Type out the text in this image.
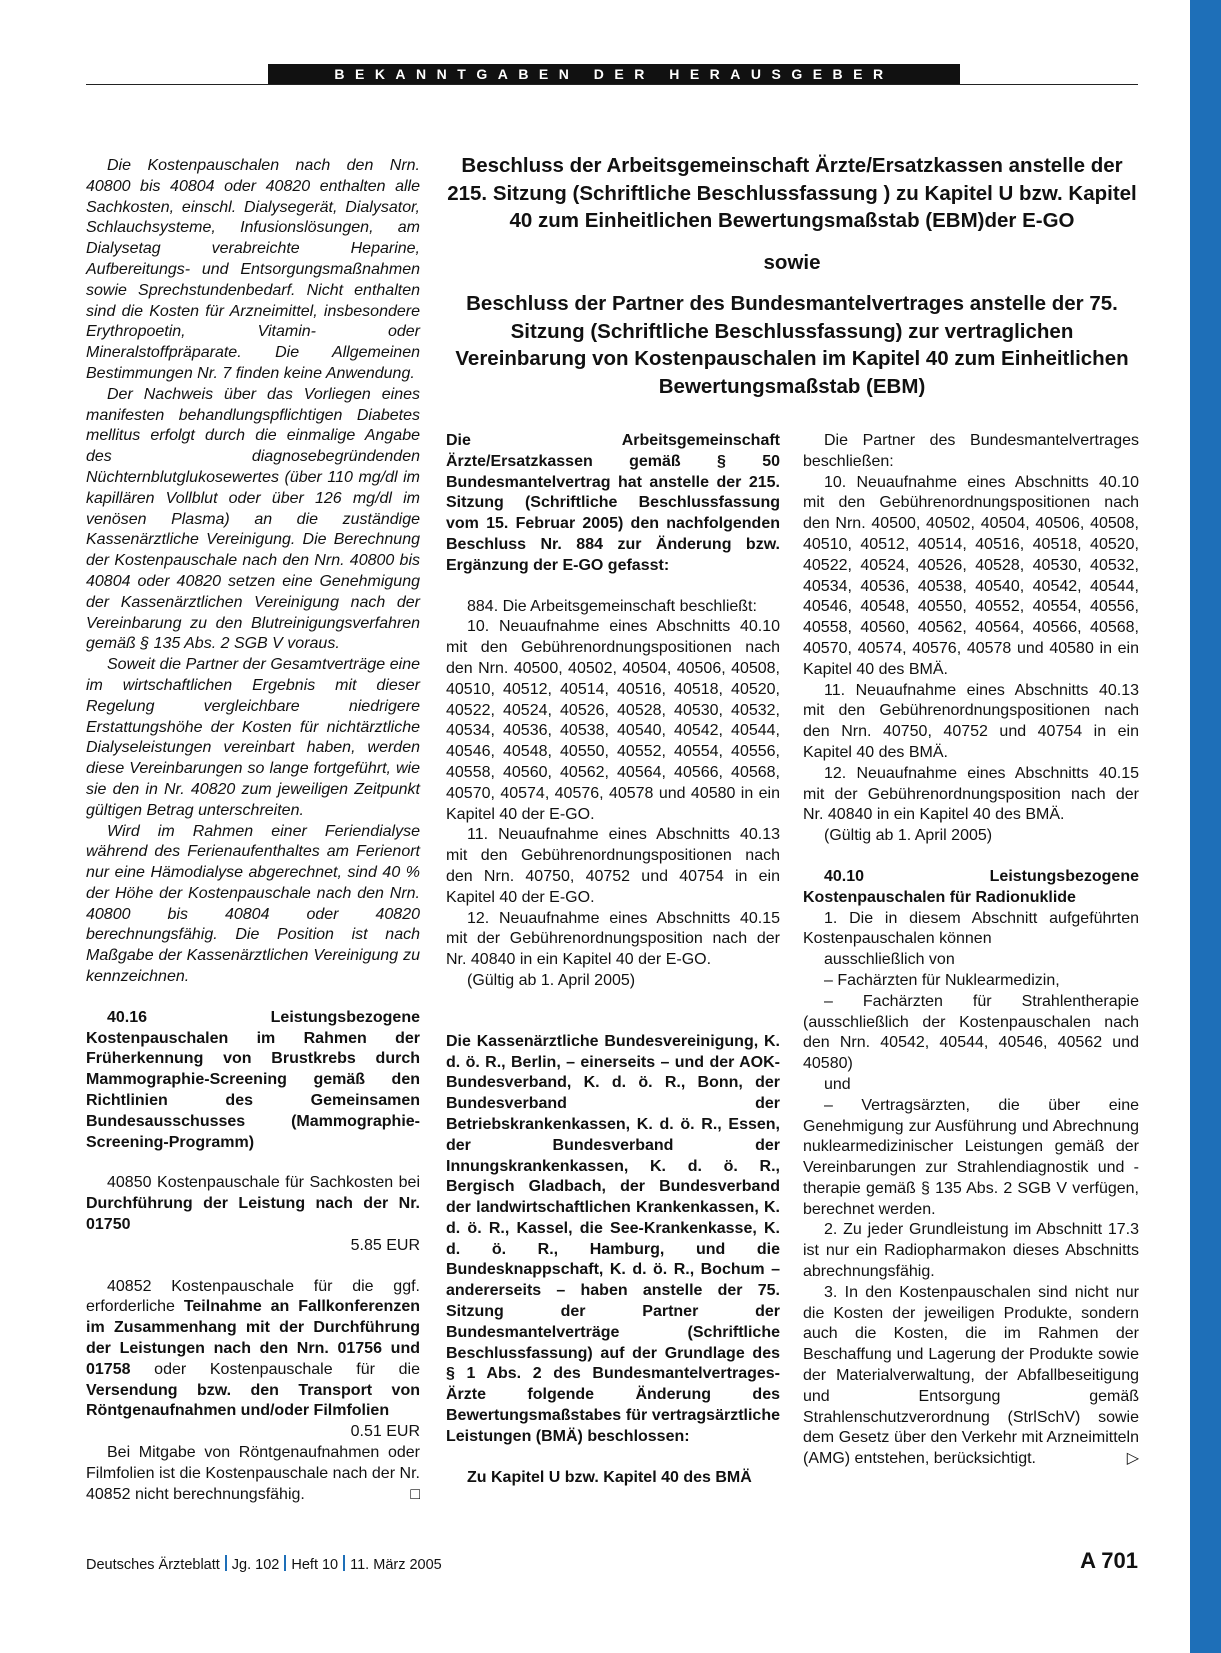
BEKANNTGABEN DER HERAUSGEBER

Die Kostenpauschalen nach den Nrn. 40800 bis 40804 oder 40820 enthalten alle Sachkosten, einschl. Dialysegerät, Dialysator, Schlauchsysteme, Infusionslösungen, am Dialysetag verabreichte Heparine, Aufbereitungs- und Entsorgungsmaßnahmen sowie Sprechstundenbedarf. Nicht enthalten sind die Kosten für Arzneimittel, insbesondere Erythropoetin, Vitamin- oder Mineralstoffpräparate. Die Allgemeinen Bestimmungen Nr. 7 finden keine Anwendung.

Der Nachweis über das Vorliegen eines manifesten behandlungspflichtigen Diabetes mellitus erfolgt durch die einmalige Angabe des diagnosebegründenden Nüchternblutglukosewertes (über 110 mg/dl im kapillären Vollblut oder über 126 mg/dl im venösen Plasma) an die zuständige Kassenärztliche Vereinigung. Die Berechnung der Kostenpauschale nach den Nrn. 40800 bis 40804 oder 40820 setzen eine Genehmigung der Kassenärztlichen Vereinigung nach der Vereinbarung zu den Blutreinigungsverfahren gemäß § 135 Abs. 2 SGB V voraus.

Soweit die Partner der Gesamtverträge eine im wirtschaftlichen Ergebnis mit dieser Regelung vergleichbare niedrigere Erstattungshöhe der Kosten für nichtärztliche Dialyseleistungen vereinbart haben, werden diese Vereinbarungen so lange fortgeführt, wie sie den in Nr. 40820 zum jeweiligen Zeitpunkt gültigen Betrag unterschreiten.

Wird im Rahmen einer Feriendialyse während des Ferienaufenthaltes am Ferienort nur eine Hämodialyse abgerechnet, sind 40 % der Höhe der Kostenpauschale nach den Nrn. 40800 bis 40804 oder 40820 berechnungsfähig. Die Position ist nach Maßgabe der Kassenärztlichen Vereinigung zu kennzeichnen.

40.16 Leistungsbezogene Kostenpauschalen im Rahmen der Früherkennung von Brustkrebs durch Mammographie-Screening gemäß den Richtlinien des Gemeinsamen Bundesausschusses (Mammographie-Screening-Programm)

40850 Kostenpauschale für Sachkosten bei Durchführung der Leistung nach der Nr. 01750

5.85 EUR

40852 Kostenpauschale für die ggf. erforderliche Teilnahme an Fallkonferenzen im Zusammenhang mit der Durchführung der Leistungen nach den Nrn. 01756 und 01758 oder Kostenpauschale für die Versendung bzw. den Transport von Röntgenaufnahmen und/oder Filmfolien

0.51 EUR

Bei Mitgabe von Röntgenaufnahmen oder Filmfolien ist die Kostenpauschale nach der Nr. 40852 nicht berechnungsfähig.	□

Beschluss der Arbeitsgemeinschaft Ärzte/Ersatzkassen anstelle der 215. Sitzung (Schriftliche Beschlussfassung ) zu Kapitel U bzw. Kapitel 40 zum Einheitlichen Bewertungsmaßstab (EBM)der E-GO

sowie

Beschluss der Partner des Bundesmantelvertrages anstelle der 75. Sitzung (Schriftliche Beschlussfassung) zur vertraglichen Vereinbarung von Kostenpauschalen im Kapitel 40 zum Einheitlichen Bewertungsmaßstab (EBM)

Die Arbeitsgemeinschaft Ärzte/Ersatzkassen gemäß § 50 Bundesmantelvertrag hat anstelle der 215. Sitzung (Schriftliche Beschlussfassung vom 15. Februar 2005) den nachfolgenden Beschluss Nr. 884 zur Änderung bzw. Ergänzung der E-GO gefasst:

884. Die Arbeitsgemeinschaft beschließt:

10. Neuaufnahme eines Abschnitts 40.10 mit den Gebührenordnungspositionen nach den Nrn. 40500, 40502, 40504, 40506, 40508, 40510, 40512, 40514, 40516, 40518, 40520, 40522, 40524, 40526, 40528, 40530, 40532, 40534, 40536, 40538, 40540, 40542, 40544, 40546, 40548, 40550, 40552, 40554, 40556, 40558, 40560, 40562, 40564, 40566, 40568, 40570, 40574, 40576, 40578 und 40580 in ein Kapitel 40 der E-GO.

11. Neuaufnahme eines Abschnitts 40.13 mit den Gebührenordnungspositionen nach den Nrn. 40750, 40752 und 40754 in ein Kapitel 40 der E-GO.

12. Neuaufnahme eines Abschnitts 40.15 mit der Gebührenordnungsposition nach der Nr. 40840 in ein Kapitel 40 der E-GO.

(Gültig ab 1. April 2005)

Die Kassenärztliche Bundesvereinigung, K. d. ö. R., Berlin, – einerseits – und der AOK-Bundesverband, K. d. ö. R., Bonn, der Bundesverband der Betriebskrankenkassen, K. d. ö. R., Essen, der Bundesverband der Innungskrankenkassen, K. d. ö. R., Bergisch Gladbach, der Bundesverband der landwirtschaftlichen Krankenkassen, K. d. ö. R., Kassel, die See-Krankenkasse, K. d. ö. R., Hamburg, und die Bundesknappschaft, K. d. ö. R., Bochum – andererseits – haben anstelle der 75. Sitzung der Partner der Bundesmantelverträge (Schriftliche Beschlussfassung) auf der Grundlage des § 1 Abs. 2 des Bundesmantelvertrages-Ärzte folgende Änderung des Bewertungsmaßstabes für vertragsärztliche Leistungen (BMÄ) beschlossen:

Zu Kapitel U bzw. Kapitel 40 des BMÄ

Die Partner des Bundesmantelvertrages beschließen:

10. Neuaufnahme eines Abschnitts 40.10 mit den Gebührenordnungspositionen nach den Nrn. 40500, 40502, 40504, 40506, 40508, 40510, 40512, 40514, 40516, 40518, 40520, 40522, 40524, 40526, 40528, 40530, 40532, 40534, 40536, 40538, 40540, 40542, 40544, 40546, 40548, 40550, 40552, 40554, 40556, 40558, 40560, 40562, 40564, 40566, 40568, 40570, 40574, 40576, 40578 und 40580 in ein Kapitel 40 des BMÄ.

11. Neuaufnahme eines Abschnitts 40.13 mit den Gebührenordnungspositionen nach den Nrn. 40750, 40752 und 40754 in ein Kapitel 40 des BMÄ.

12. Neuaufnahme eines Abschnitts 40.15 mit der Gebührenordnungsposition nach der Nr. 40840 in ein Kapitel 40 des BMÄ.

(Gültig ab 1. April 2005)

40.10 Leistungsbezogene Kostenpauschalen für Radionuklide

1. Die in diesem Abschnitt aufgeführten Kostenpauschalen können

ausschließlich von

– Fachärzten für Nuklearmedizin,

– Fachärzten für Strahlentherapie (ausschließlich der Kostenpauschalen nach den Nrn. 40542, 40544, 40546, 40562 und 40580)

und

– Vertragsärzten, die über eine Genehmigung zur Ausführung und Abrechnung nuklearmedizinischer Leistungen gemäß der Vereinbarungen zur Strahlendiagnostik und -therapie gemäß § 135 Abs. 2 SGB V verfügen, berechnet werden.

2. Zu jeder Grundleistung im Abschnitt 17.3 ist nur ein Radiopharmakon dieses Abschnitts abrechnungsfähig.

3. In den Kostenpauschalen sind nicht nur die Kosten der jeweiligen Produkte, sondern auch die Kosten, die im Rahmen der Beschaffung und Lagerung der Produkte sowie der Materialverwaltung, der Abfallbeseitigung und Entsorgung gemäß Strahlenschutzverordnung (StrlSchV) sowie dem Gesetz über den Verkehr mit Arzneimitteln (AMG) entstehen, berücksichtigt.	▷

Deutsches Ärzteblatt Jg. 102 Heft 10 11. März 2005	A 701
